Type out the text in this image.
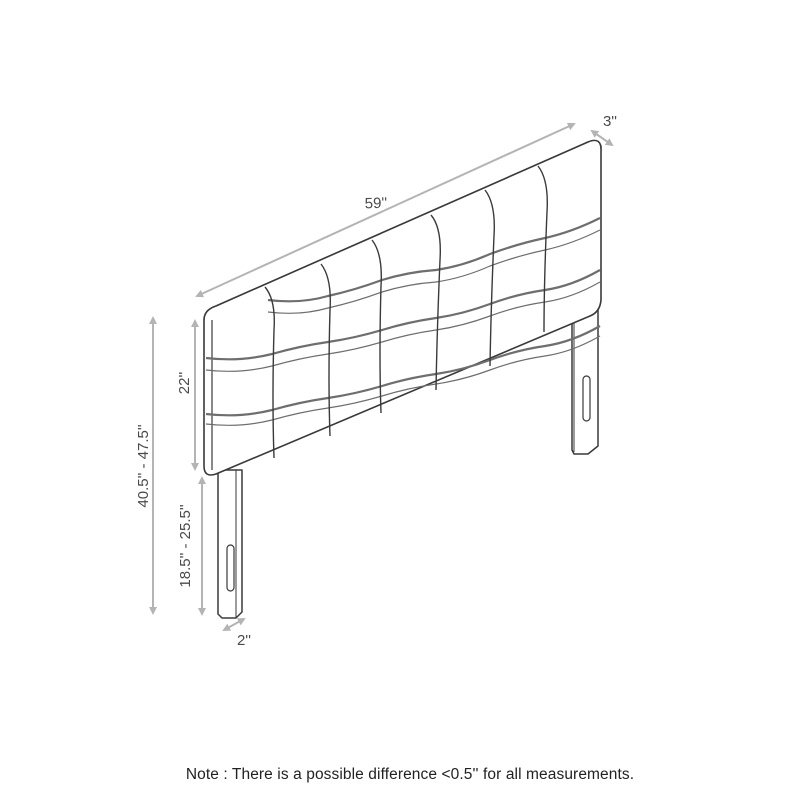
59''
3''
22''
40.5'' - 47.5''
18.5'' - 25.5''
2''
Note : There is a possible difference <0.5'' for all measurements.
